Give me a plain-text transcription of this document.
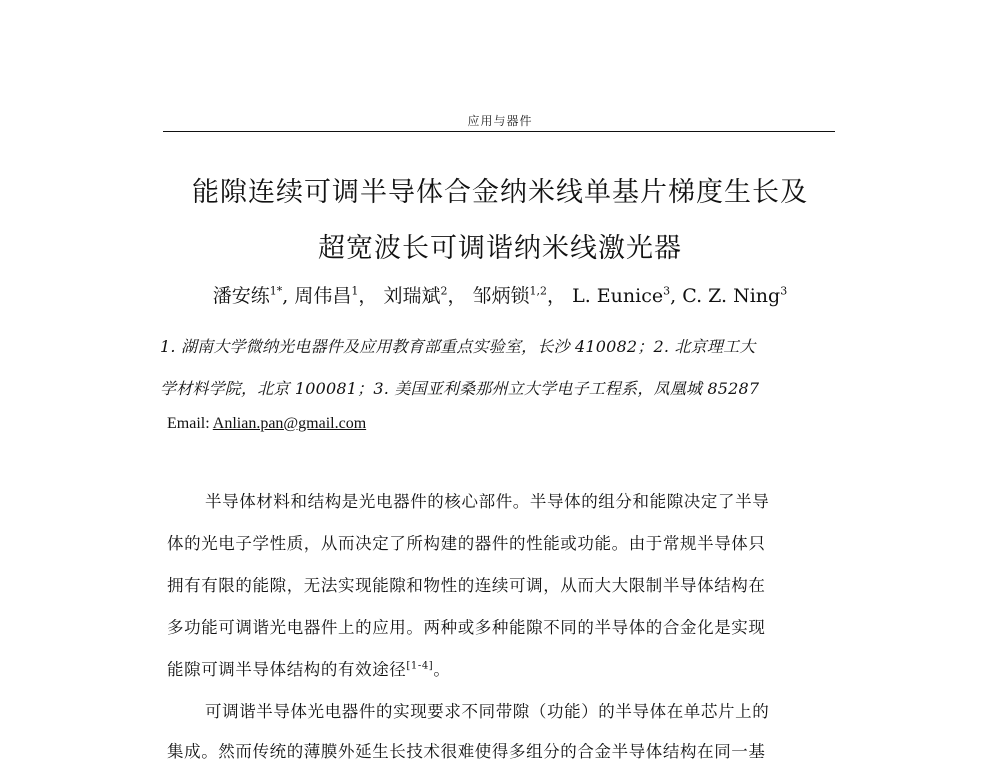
应用与器件
能隙连续可调半导体合金纳米线单基片梯度生长及
超宽波长可调谐纳米线激光器
潘安练$^{1*}$, 周伟昌$^1$， 刘瑞斌$^2$， 邹炳锁$^{1,2}$， L. Eunice$^3$, C. Z. Ning$^3$
1. 湖南大学微纳光电器件及应用教育部重点实验室，长沙 410082；2. 北京理工大
学材料学院，北京 100081；3. 美国亚利桑那州立大学电子工程系，凤凰城 85287
Email: Anlian.pan@gmail.com
半导体材料和结构是光电器件的核心部件。半导体的组分和能隙决定了半导
体的光电子学性质，从而决定了所构建的器件的性能或功能。由于常规半导体只
拥有有限的能隙，无法实现能隙和物性的连续可调，从而大大限制半导体结构在
多功能可调谐光电器件上的应用。两种或多种能隙不同的半导体的合金化是实现
能隙可调半导体结构的有效途径[1-4]。
可调谐半导体光电器件的实现要求不同带隙（功能）的半导体在单芯片上的
集成。然而传统的薄膜外延生长技术很难使得多组分的合金半导体结构在同一基
